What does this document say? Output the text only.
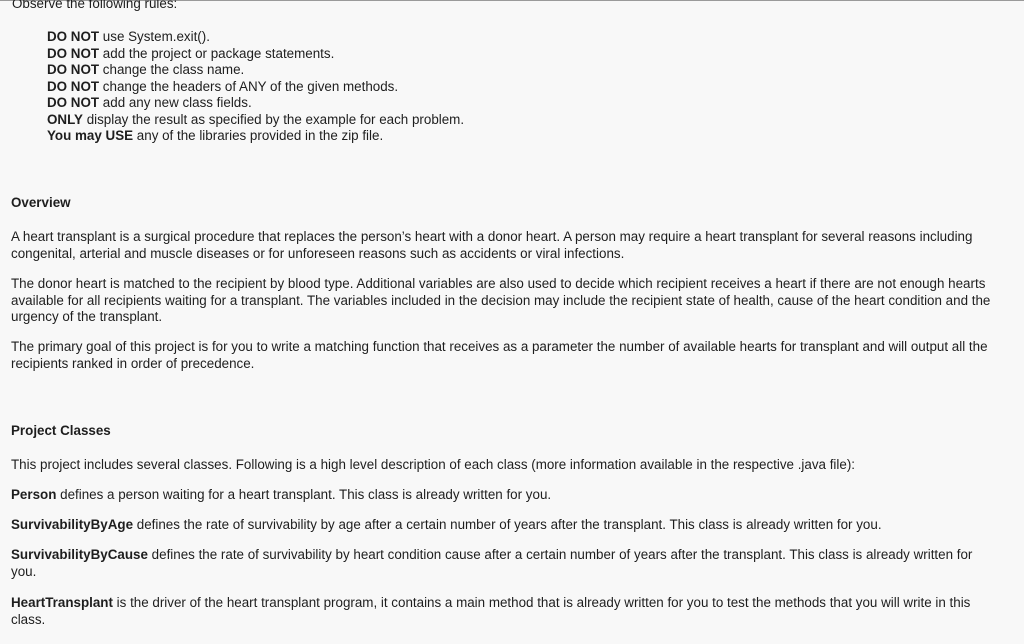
Observe the following rules:

DO NOT use System.exit().
DO NOT add the project or package statements.
DO NOT change the class name.
DO NOT change the headers of ANY of the given methods.
DO NOT add any new class fields.
ONLY display the result as specified by the example for each problem.
You may USE any of the libraries provided in the zip file.
Overview

A heart transplant is a surgical procedure that replaces the person’s heart with a donor heart. A person may require a heart transplant for several reasons including congenital, arterial and muscle diseases or for unforeseen reasons such as accidents or viral infections.

The donor heart is matched to the recipient by blood type. Additional variables are also used to decide which recipient receives a heart if there are not enough hearts available for all recipients waiting for a transplant. The variables included in the decision may include the recipient state of health, cause of the heart condition and the urgency of the transplant.

The primary goal of this project is for you to write a matching function that receives as a parameter the number of available hearts for transplant and will output all the recipients ranked in order of precedence.

Project Classes

This project includes several classes. Following is a high level description of each class (more information available in the respective .java file):

Person defines a person waiting for a heart transplant. This class is already written for you.

SurvivabilityByAge defines the rate of survivability by age after a certain number of years after the transplant. This class is already written for you.

SurvivabilityByCause defines the rate of survivability by heart condition cause after a certain number of years after the transplant. This class is already written for you.

HeartTransplant is the driver of the heart transplant program, it contains a main method that is already written for you to test the methods that you will write in this class.
